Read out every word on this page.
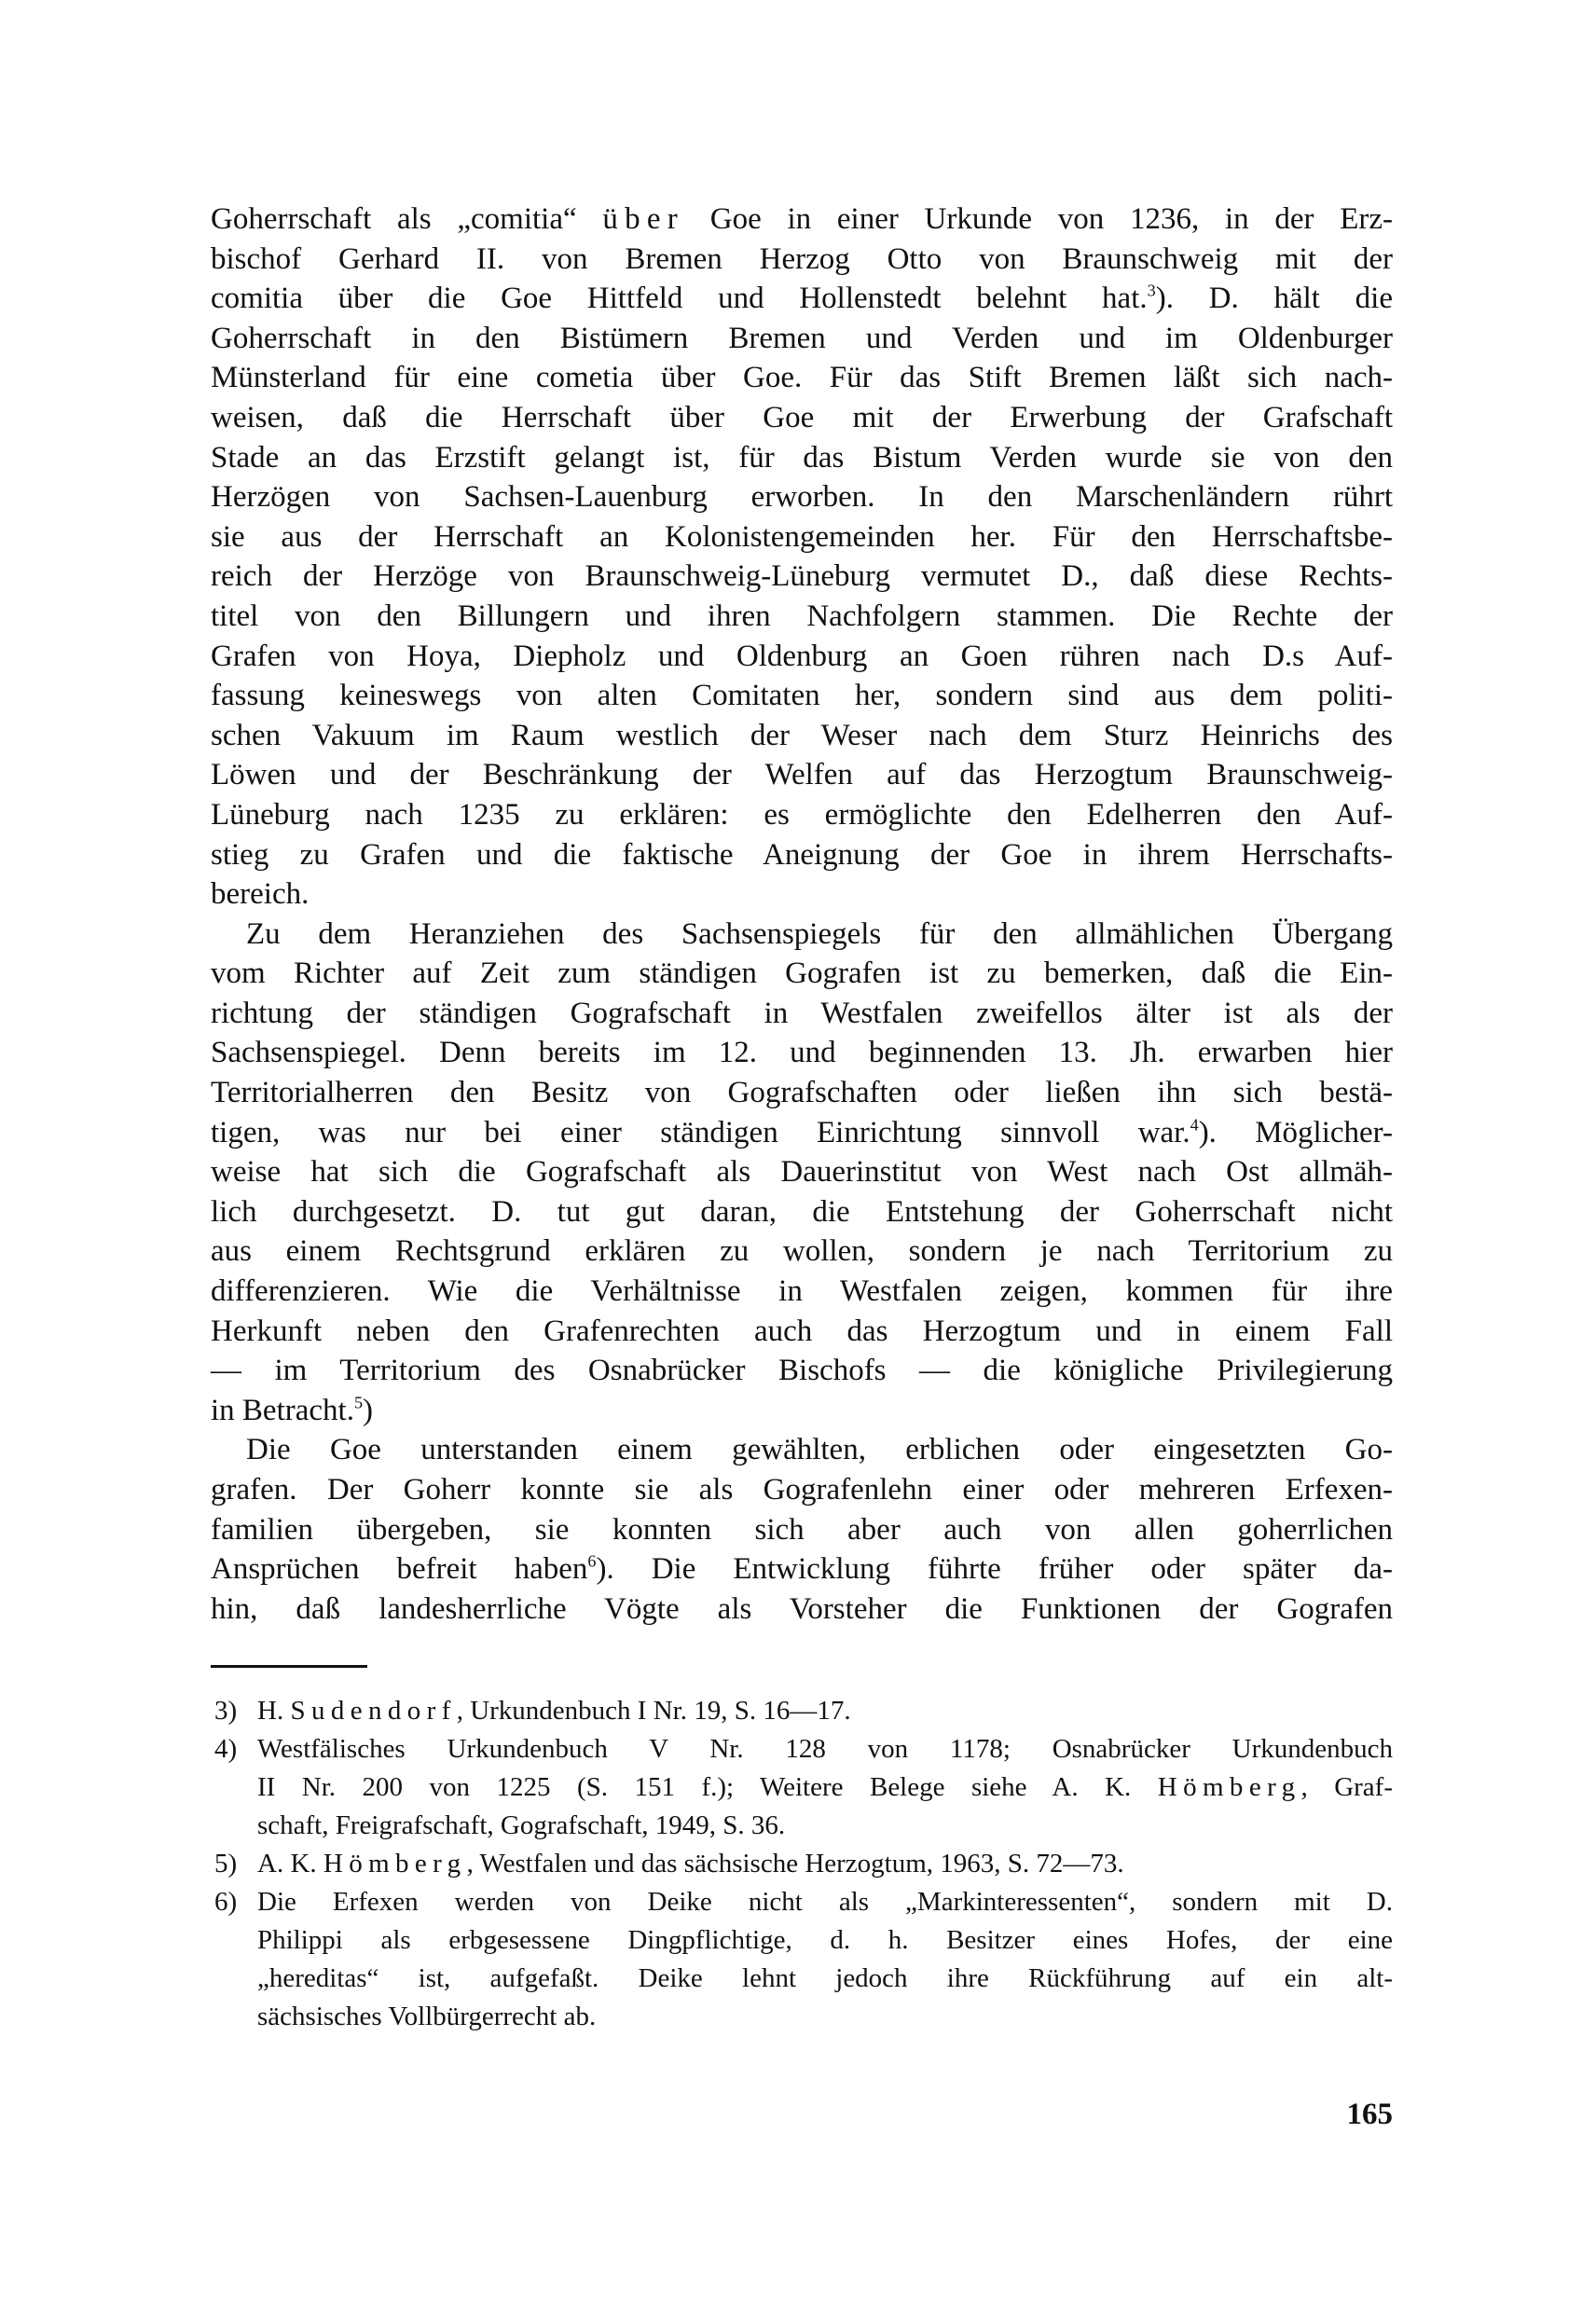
Goherrschaft als „comitia“ über Goe in einer Urkunde von 1236, in der Erz-
bischof Gerhard II. von Bremen Herzog Otto von Braunschweig mit der
comitia über die Goe Hittfeld und Hollenstedt belehnt hat.$^3$). D. hält die
Goherrschaft in den Bistümern Bremen und Verden und im Oldenburger
Münsterland für eine cometia über Goe. Für das Stift Bremen läßt sich nach-
weisen, daß die Herrschaft über Goe mit der Erwerbung der Grafschaft
Stade an das Erzstift gelangt ist, für das Bistum Verden wurde sie von den
Herzögen von Sachsen-Lauenburg erworben. In den Marschenländern rührt
sie aus der Herrschaft an Kolonistengemeinden her. Für den Herrschaftsbe-
reich der Herzöge von Braunschweig-Lüneburg vermutet D., daß diese Rechts-
titel von den Billungern und ihren Nachfolgern stammen. Die Rechte der
Grafen von Hoya, Diepholz und Oldenburg an Goen rühren nach D.s Auf-
fassung keineswegs von alten Comitaten her, sondern sind aus dem politi-
schen Vakuum im Raum westlich der Weser nach dem Sturz Heinrichs des
Löwen und der Beschränkung der Welfen auf das Herzogtum Braunschweig-
Lüneburg nach 1235 zu erklären: es ermöglichte den Edelherren den Auf-
stieg zu Grafen und die faktische Aneignung der Goe in ihrem Herrschafts-
bereich.
Zu dem Heranziehen des Sachsenspiegels für den allmählichen Übergang
vom Richter auf Zeit zum ständigen Gografen ist zu bemerken, daß die Ein-
richtung der ständigen Gografschaft in Westfalen zweifellos älter ist als der
Sachsenspiegel. Denn bereits im 12. und beginnenden 13. Jh. erwarben hier
Territorialherren den Besitz von Gografschaften oder ließen ihn sich bestä-
tigen, was nur bei einer ständigen Einrichtung sinnvoll war.$^4$). Möglicher-
weise hat sich die Gografschaft als Dauerinstitut von West nach Ost allmäh-
lich durchgesetzt. D. tut gut daran, die Entstehung der Goherrschaft nicht
aus einem Rechtsgrund erklären zu wollen, sondern je nach Territorium zu
differenzieren. Wie die Verhältnisse in Westfalen zeigen, kommen für ihre
Herkunft neben den Grafenrechten auch das Herzogtum und in einem Fall
— im Territorium des Osnabrücker Bischofs — die königliche Privilegierung
in Betracht.$^5$)
Die Goe unterstanden einem gewählten, erblichen oder eingesetzten Go-
grafen. Der Goherr konnte sie als Gografenlehn einer oder mehreren Erfexen-
familien übergeben, sie konnten sich aber auch von allen goherrlichen
Ansprüchen befreit haben$^6$). Die Entwicklung führte früher oder später da-
hin, daß landesherrliche Vögte als Vorsteher die Funktionen der Gografen
3) H. Sudendorf, Urkundenbuch I Nr. 19, S. 16—17.
4) Westfälisches Urkundenbuch V Nr. 128 von 1178; Osnabrücker Urkundenbuch
II Nr. 200 von 1225 (S. 151 f.); Weitere Belege siehe A. K. Hömberg, Graf-
schaft, Freigrafschaft, Gografschaft, 1949, S. 36.
5) A. K. Hömberg, Westfalen und das sächsische Herzogtum, 1963, S. 72—73.
6) Die Erfexen werden von Deike nicht als „Markinteressenten“, sondern mit D.
Philippi als erbgesessene Dingpflichtige, d. h. Besitzer eines Hofes, der eine
„hereditas“ ist, aufgefaßt. Deike lehnt jedoch ihre Rückführung auf ein alt-
sächsisches Vollbürgerrecht ab.
165
